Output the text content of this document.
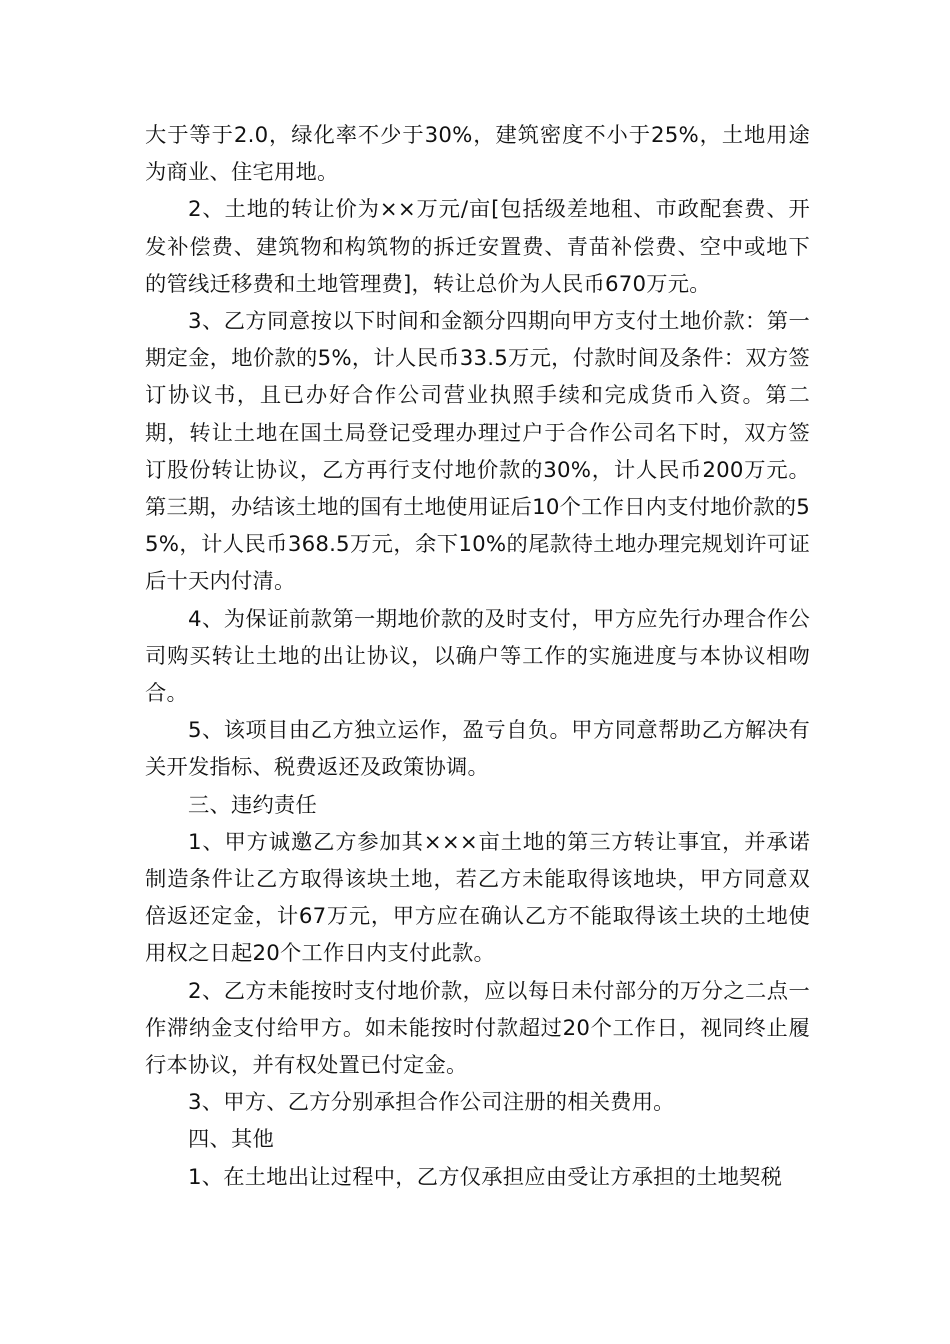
大于等于2.0，绿化率不少于30%，建筑密度不小于25%，土地用途为商业、住宅用地。

2、土地的转让价为××万元/亩[包括级差地租、市政配套费、开发补偿费、建筑物和构筑物的拆迁安置费、青苗补偿费、空中或地下的管线迁移费和土地管理费]，转让总价为人民币670万元。

3、乙方同意按以下时间和金额分四期向甲方支付土地价款：第一期定金，地价款的5%，计人民币33.5万元，付款时间及条件：双方签订协议书，且已办好合作公司营业执照手续和完成货币入资。第二期，转让土地在国土局登记受理办理过户于合作公司名下时，双方签订股份转让协议，乙方再行支付地价款的30%，计人民币200万元。第三期，办结该土地的国有土地使用证后10个工作日内支付地价款的55%，计人民币368.5万元，余下10%的尾款待土地办理完规划许可证后十天内付清。

4、为保证前款第一期地价款的及时支付，甲方应先行办理合作公司购买转让土地的出让协议，以确户等工作的实施进度与本协议相吻合。

5、该项目由乙方独立运作，盈亏自负。甲方同意帮助乙方解决有关开发指标、税费返还及政策协调。

三、违约责任

1、甲方诚邀乙方参加其×××亩土地的第三方转让事宜，并承诺制造条件让乙方取得该块土地，若乙方未能取得该地块，甲方同意双倍返还定金，计67万元，甲方应在确认乙方不能取得该土块的土地使用权之日起20个工作日内支付此款。

2、乙方未能按时支付地价款，应以每日未付部分的万分之二点一作滞纳金支付给甲方。如未能按时付款超过20个工作日，视同终止履行本协议，并有权处置已付定金。

3、甲方、乙方分别承担合作公司注册的相关费用。

四、其他

1、在土地出让过程中，乙方仅承担应由受让方承担的土地契税
